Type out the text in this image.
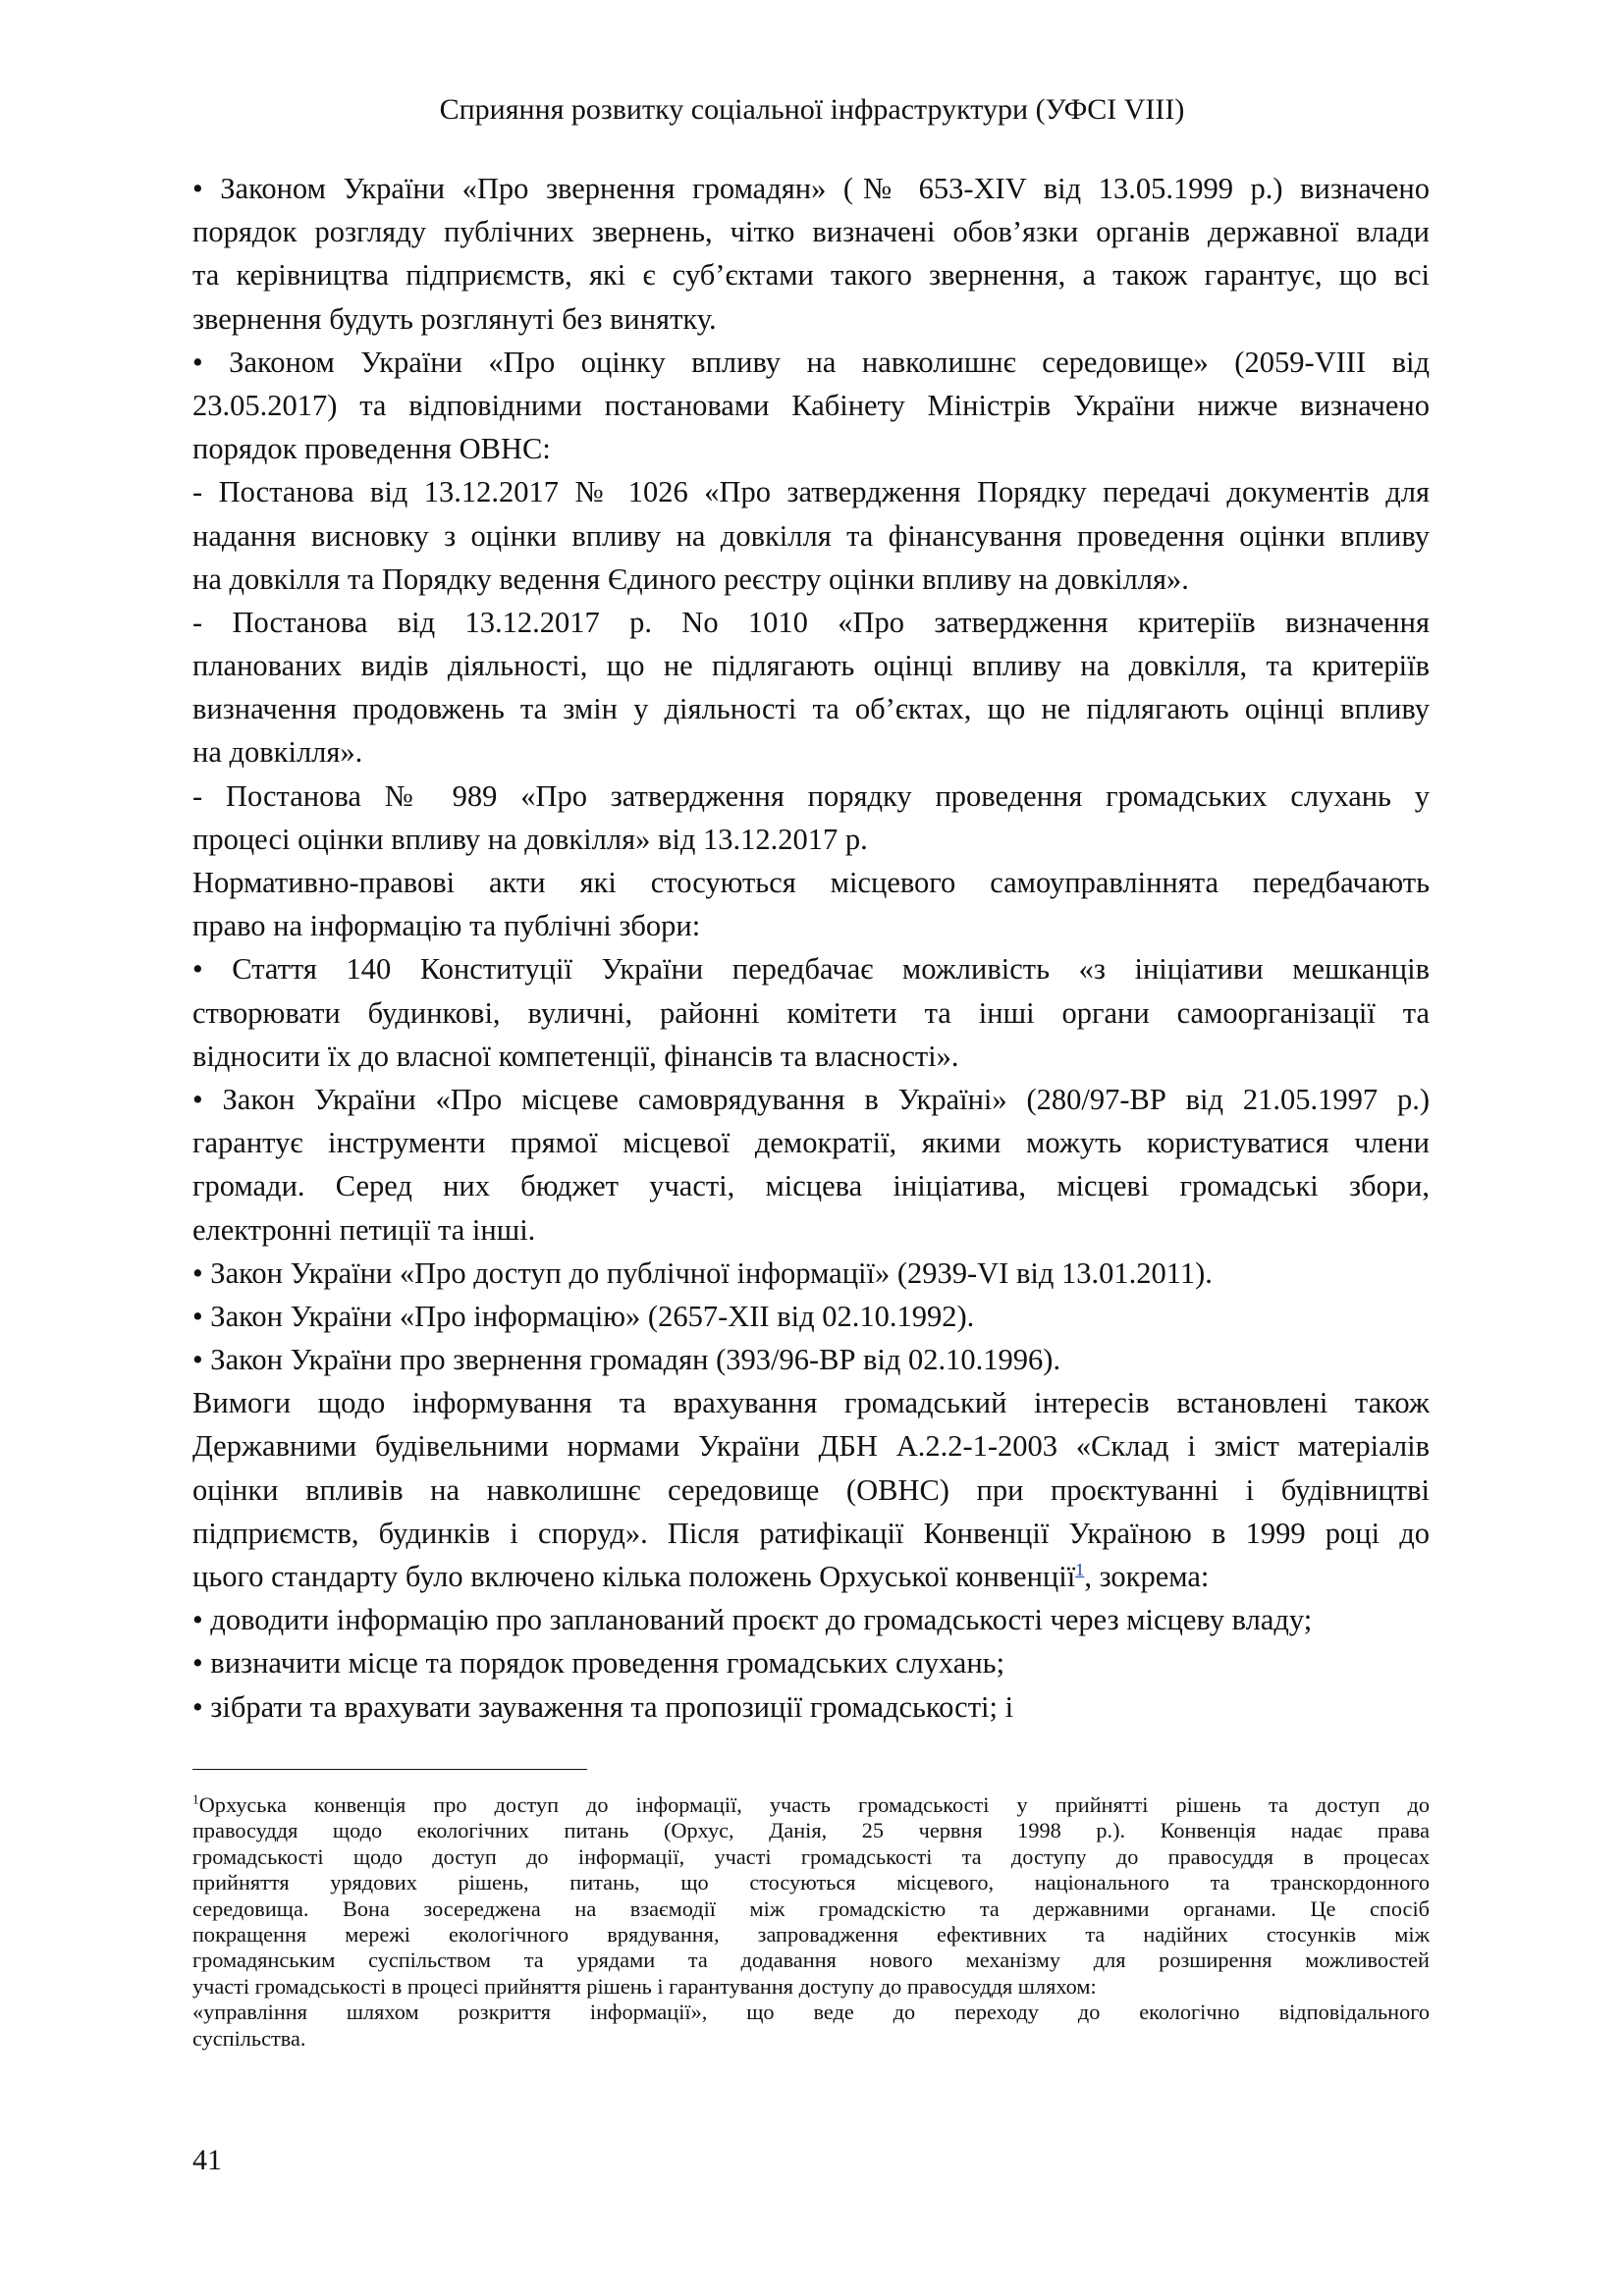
Сприяння розвитку соціальної інфраструктури (УФСІ VIII)
• Законом України «Про звернення громадян» (№ 653-XIV від 13.05.1999 р.) визначено
порядок розгляду публічних звернень, чітко визначені обов’язки органів державної влади
та керівництва підприємств, які є суб’єктами такого звернення, а також гарантує, що всі
звернення будуть розглянуті без винятку.
• Законом України «Про оцінку впливу на навколишнє середовище» (2059-VIII від
23.05.2017) та відповідними постановами Кабінету Міністрів України нижче визначено
порядок проведення ОВНС:
- Постанова від 13.12.2017 № 1026 «Про затвердження Порядку передачі документів для
надання висновку з оцінки впливу на довкілля та фінансування проведення оцінки впливу
на довкілля та Порядку ведення Єдиного реєстру оцінки впливу на довкілля».
- Постанова від 13.12.2017 р. No 1010 «Про затвердження критеріїв визначення
планованих видів діяльності, що не підлягають оцінці впливу на довкілля, та критеріїв
визначення продовжень та змін у діяльності та об’єктах, що не підлягають оцінці впливу
на довкілля».
- Постанова № 989 «Про затвердження порядку проведення громадських слухань у
процесі оцінки впливу на довкілля» від 13.12.2017 р.
Нормативно-правові акти які стосуються місцевого самоуправліннята передбачають
право на інформацію та публічні збори:
• Стаття 140 Конституції України передбачає можливість «з ініціативи мешканців
створювати будинкові, вуличні, районні комітети та інші органи самоорганізації та
відносити їх до власної компетенції, фінансів та власності».
• Закон України «Про місцеве самоврядування в Україні» (280/97-ВР від 21.05.1997 р.)
гарантує інструменти прямої місцевої демократії, якими можуть користуватися члени
громади. Серед них бюджет участі, місцева ініціатива, місцеві громадські збори,
електронні петиції та інші.
• Закон України «Про доступ до публічної інформації» (2939-VI від 13.01.2011).
• Закон України «Про інформацію» (2657-XII від 02.10.1992).
• Закон України про звернення громадян (393/96-ВР від 02.10.1996).
Вимоги щодо інформування та врахування громадський інтересів встановлені також
Державними будівельними нормами України ДБН А.2.2-1-2003 «Склад і зміст матеріалів
оцінки впливів на навколишнє середовище (ОВНС) при проєктуванні і будівництві
підприємств, будинків і споруд». Після ратифікації Конвенції Україною в 1999 році до
цього стандарту було включено кілька положень Орхуської конвенції$^1$, зокрема:
• доводити інформацію про запланований проєкт до громадськості через місцеву владу;
• визначити місце та порядок проведення громадських слухань;
• зібрати та врахувати зауваження та пропозиції громадськості; і
$^1$Орхуська конвенція про доступ до інформації, участь громадськості у прийнятті рішень та доступ до
правосуддя щодо екологічних питань (Орхус, Данія, 25 червня 1998 р.). Конвенція надає права
громадськості щодо доступ до інформації, участі громадськості та доступу до правосуддя в процесах
прийняття урядових рішень, питань, що стосуються місцевого, національного та транскордонного
середовища. Вона зосереджена на взаємодії між громадскістю та державними органами. Це спосіб
покращення мережі екологічного врядування, запровадження ефективних та надійних стосунків між
громадянським суспільством та урядами та додавання нового механізму для розширення можливостей
участі громадськості в процесі прийняття рішень і гарантування доступу до правосуддя шляхом:
«управління шляхом розкриття інформації», що веде до переходу до екологічно відповідального
суспільства.
41
